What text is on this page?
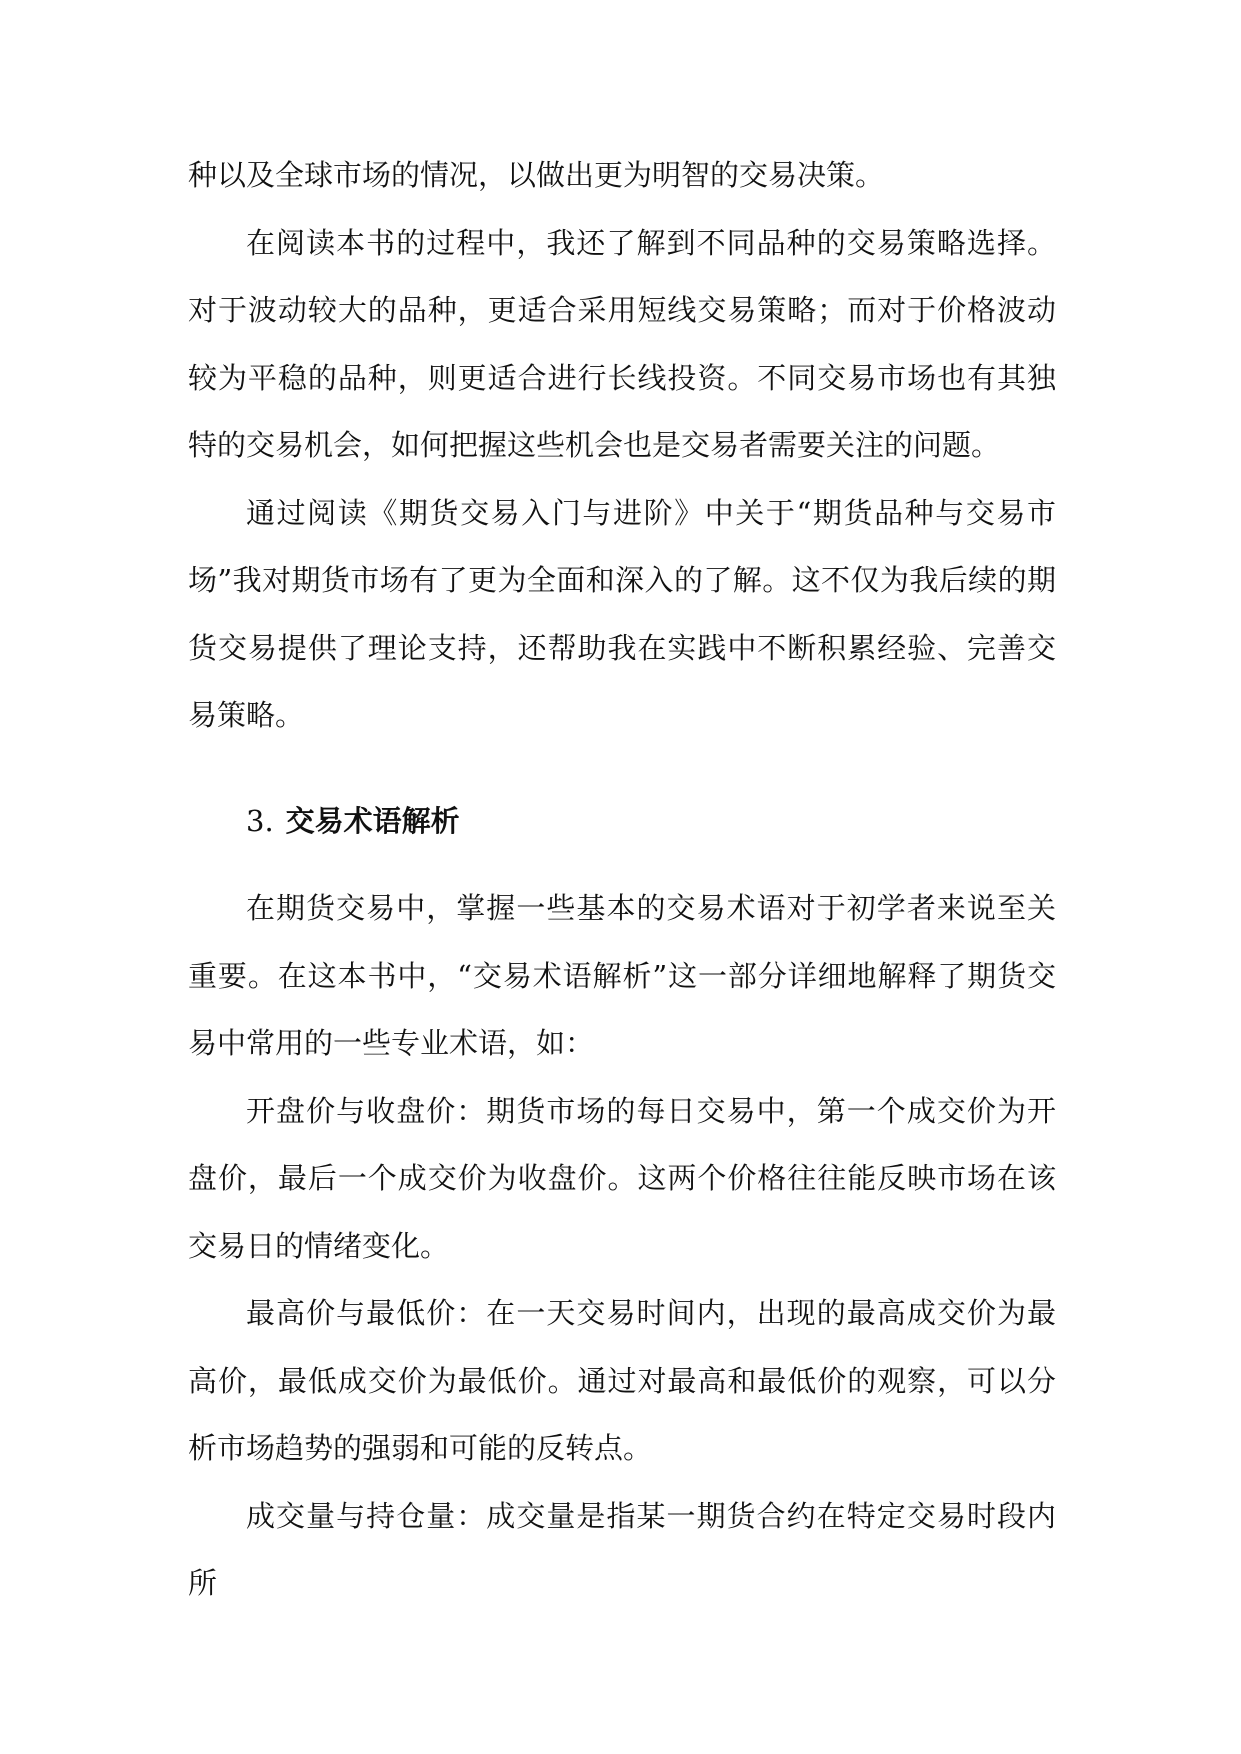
种以及全球市场的情况，以做出更为明智的交易决策。

在阅读本书的过程中，我还了解到不同品种的交易策略选择。对于波动较大的品种，更适合采用短线交易策略；而对于价格波动较为平稳的品种，则更适合进行长线投资。不同交易市场也有其独特的交易机会，如何把握这些机会也是交易者需要关注的问题。

通过阅读《期货交易入门与进阶》中关于“期货品种与交易市场”我对期货市场有了更为全面和深入的了解。这不仅为我后续的期货交易提供了理论支持，还帮助我在实践中不断积累经验、完善交易策略。

3. 交易术语解析

在期货交易中，掌握一些基本的交易术语对于初学者来说至关重要。在这本书中，“交易术语解析”这一部分详细地解释了期货交易中常用的一些专业术语，如：

开盘价与收盘价：期货市场的每日交易中，第一个成交价为开盘价，最后一个成交价为收盘价。这两个价格往往能反映市场在该交易日的情绪变化。

最高价与最低价：在一天交易时间内，出现的最高成交价为最高价，最低成交价为最低价。通过对最高和最低价的观察，可以分析市场趋势的强弱和可能的反转点。

成交量与持仓量：成交量是指某一期货合约在特定交易时段内所
